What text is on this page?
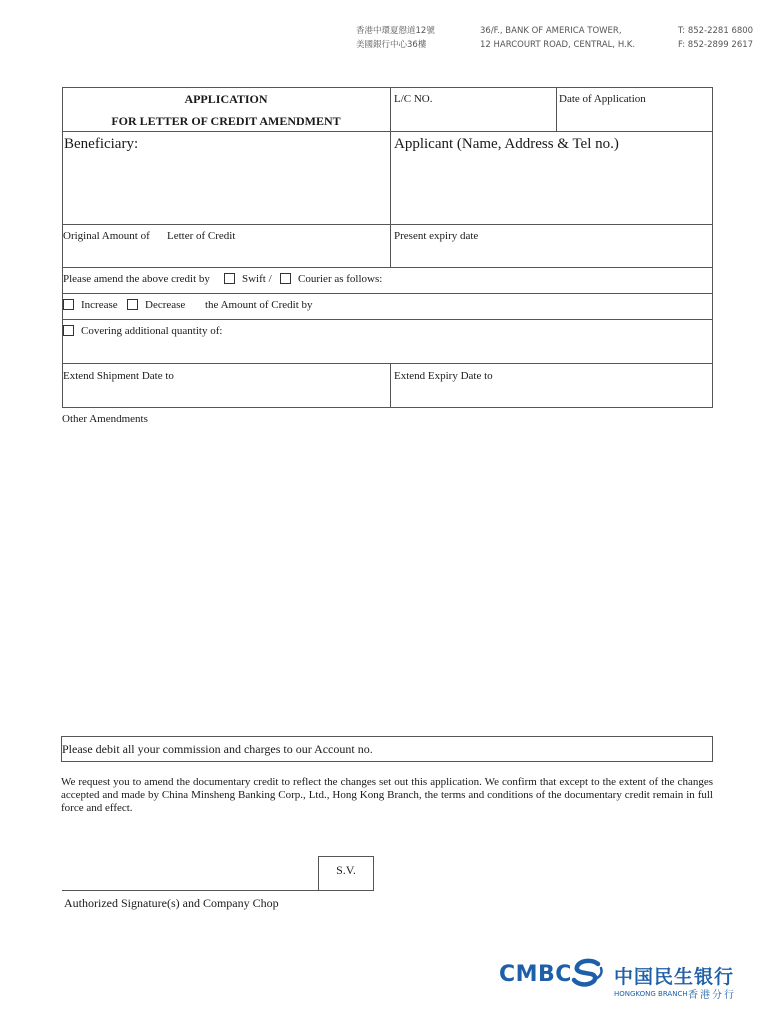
香港中環夏慤道12號
美國銀行中心36樓
36/F., BANK OF AMERICA TOWER,
12 HARCOURT ROAD, CENTRAL, H.K.
T: 852-2281 6800
F: 852-2899 2617
APPLICATION
FOR LETTER OF CREDIT AMENDMENT
L/C NO.	Date of Application
Beneficiary:	Applicant (Name, Address & Tel no.)
Original Amount of Letter of Credit	Present expiry date
Please amend the above credit by	Swift / Courier as follows:
Increase Decrease the Amount of Credit by
Covering additional quantity of:
Extend Shipment Date to	Extend Expiry Date to
Other Amendments
Please debit all your commission and charges to our Account no.
We request you to amend the documentary credit to reflect the changes set out this application. We confirm that except to the extent of the changes accepted and made by China Minsheng Banking Corp., Ltd., Hong Kong Branch, the terms and conditions of the documentary credit remain in full force and effect.
S.V.
Authorized Signature(s) and Company Chop
CMBC 中国民生银行
HONGKONG BRANCH 香港分行
